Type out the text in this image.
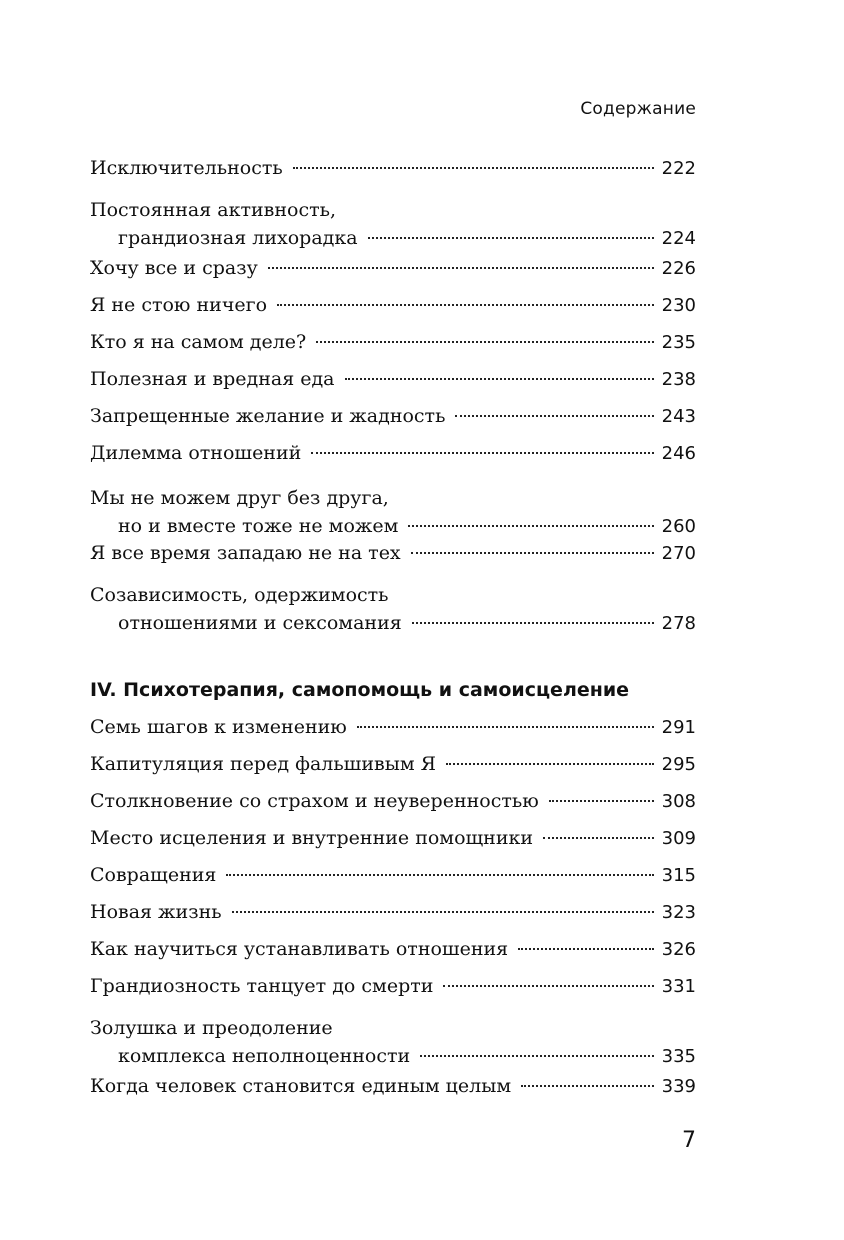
Содержание
IV. Психотерапия, самопомощь и самоисцеление
Исключительность	222
Постоянная активность,
грандиозная лихорадка	224
Хочу все и сразу	226
Я не стою ничего	230
Кто я на самом деле?	235
Полезная и вредная еда	238
Запрещенные желание и жадность	243
Дилемма отношений	246
Мы не можем друг без друга,
но и вместе тоже не можем	260
Я все время западаю не на тех	270
Созависимость, одержимость
отношениями и сексомания	278
Семь шагов к изменению	291
Капитуляция перед фальшивым Я	295
Столкновение со страхом и неуверенностью	308
Место исцеления и внутренние помощники	309
Совращения	315
Новая жизнь	323
Как научиться устанавливать отношения	326
Грандиозность танцует до смерти	331
Золушка и преодоление
комплекса неполноценности	335
Когда человек становится единым целым	339
7
